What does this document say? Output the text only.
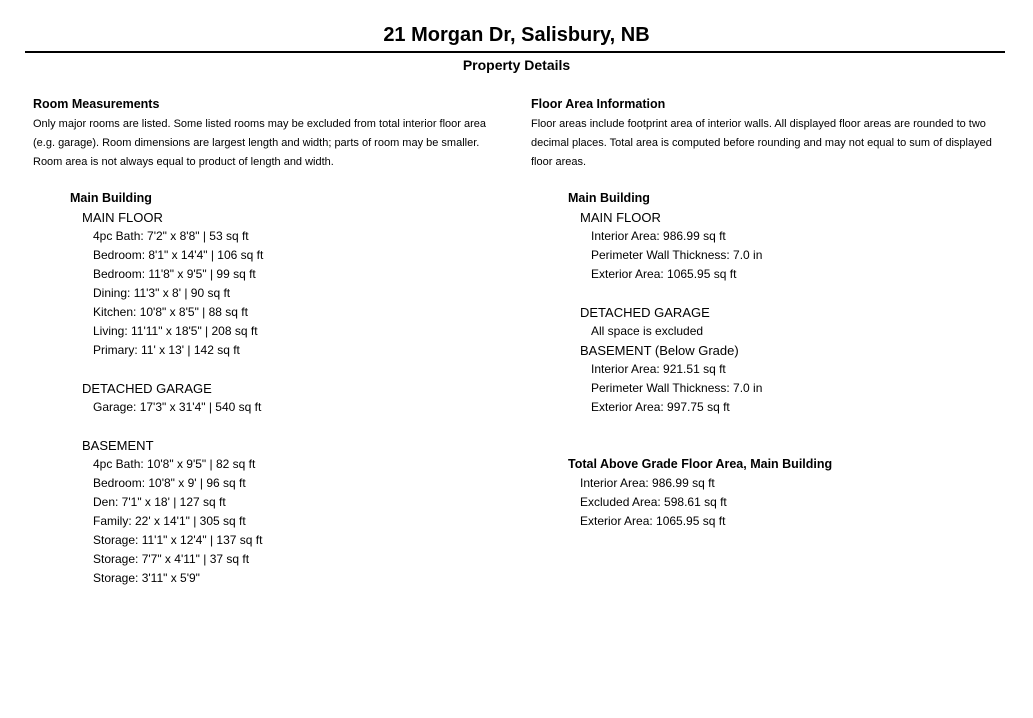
21 Morgan Dr, Salisbury, NB
Property Details

Room Measurements

Only major rooms are listed. Some listed rooms may be excluded from total interior floor area
(e.g. garage). Room dimensions are largest length and width; parts of room may be smaller.
Room area is not always equal to product of length and width.

Floor Area Information

Floor areas include footprint area of interior walls. All displayed floor areas are rounded to two
decimal places. Total area is computed before rounding and may not equal to sum of displayed
floor areas.

Main Building
MAIN FLOOR
4pc Bath: 7'2" x 8'8" | 53 sq ft
Bedroom: 8'1" x 14'4" | 106 sq ft
Bedroom: 11'8" x 9'5" | 99 sq ft
Dining: 11'3" x 8' | 90 sq ft
Kitchen: 10'8" x 8'5" | 88 sq ft
Living: 11'11" x 18'5" | 208 sq ft
Primary: 11' x 13' | 142 sq ft
DETACHED GARAGE
Garage: 17'3" x 31'4" | 540 sq ft
BASEMENT
4pc Bath: 10'8" x 9'5" | 82 sq ft
Bedroom: 10'8" x 9' | 96 sq ft
Den: 7'1" x 18' | 127 sq ft
Family: 22' x 14'1" | 305 sq ft
Storage: 11'1" x 12'4" | 137 sq ft
Storage: 7'7" x 4'11" | 37 sq ft
Storage: 3'11" x 5'9"
Main Building
MAIN FLOOR
Interior Area: 986.99 sq ft
Perimeter Wall Thickness: 7.0 in
Exterior Area: 1065.95 sq ft
DETACHED GARAGE
All space is excluded
BASEMENT (Below Grade)
Interior Area: 921.51 sq ft
Perimeter Wall Thickness: 7.0 in
Exterior Area: 997.75 sq ft
Total Above Grade Floor Area, Main Building
Interior Area: 986.99 sq ft
Excluded Area: 598.61 sq ft
Exterior Area: 1065.95 sq ft
